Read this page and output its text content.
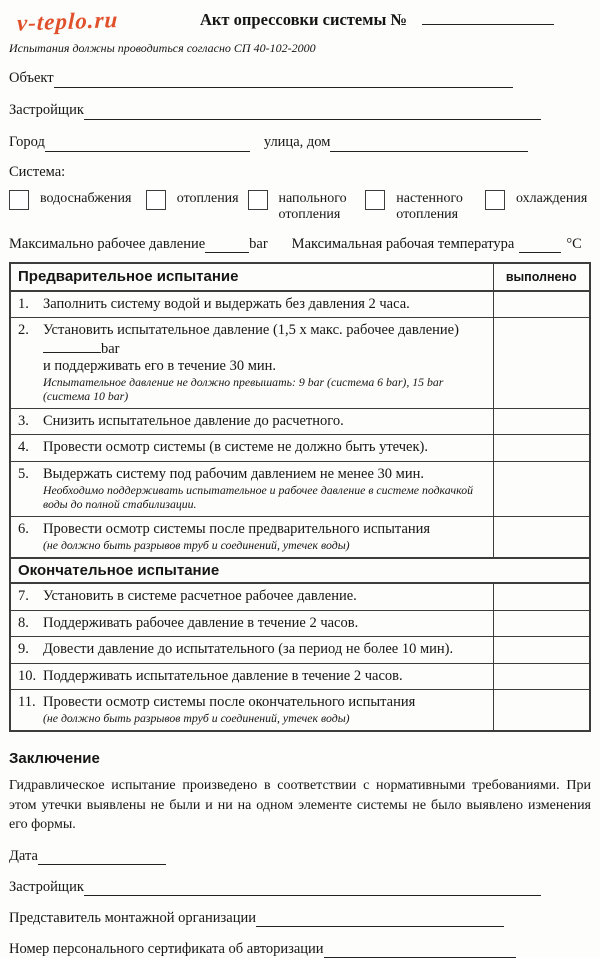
v-teplo.ru	Акт опрессовки системы №
Испытания должны проводиться согласно СП 40-102-2000
Объект
Застройщик
Город	улица, дом
Система:
водоснабжения	отопления	напольного отопления
настенного отопления
охлаждения
Максимально рабочее давление	bar Максимальная рабочая температура	°С
Предварительное испытание	выполнено

1. Заполнить систему водой и выдержать без давления 2 часа.	

2. Установить испытательное давление (1,5 х макс. рабочее давление)bar
и поддерживать его в течение 30 мин.
Испытательное давление не должно превышать: 9 bar (система 6 bar), 15 bar (система 10 bar)	

3. Снизить испытательное давление до расчетного.	

4. Провести осмотр системы (в системе не должно быть утечек).	

5. Выдержать систему под рабочим давлением не менее 30 мин.
Необходимо поддерживать испытательное и рабочее давление в системе подкачкой воды до полной стабилизации.	

6. Провести осмотр системы после предварительного испытания
(не должно быть разрывов труб и соединений, утечек воды)	

Окончательное испытание	

7. Установить в системе расчетное рабочее давление.	

8. Поддерживать рабочее давление в течение 2 часов.	

9. Довести давление до испытательного (за период не более 10 мин).	

10. Поддерживать испытательное давление в течение 2 часов.	

11. Провести осмотр системы после окончательного испытания
(не должно быть разрывов труб и соединений, утечек воды)	

Заключение
Гидравлическое испытание произведено в соответствии с нормативными требованиями. При этом утечки выявлены не были и ни на одном элементе системы не было выявлено изменения его формы.
Дата
Застройщик
Представитель монтажной организации
Номер персонального сертификата об авторизации
